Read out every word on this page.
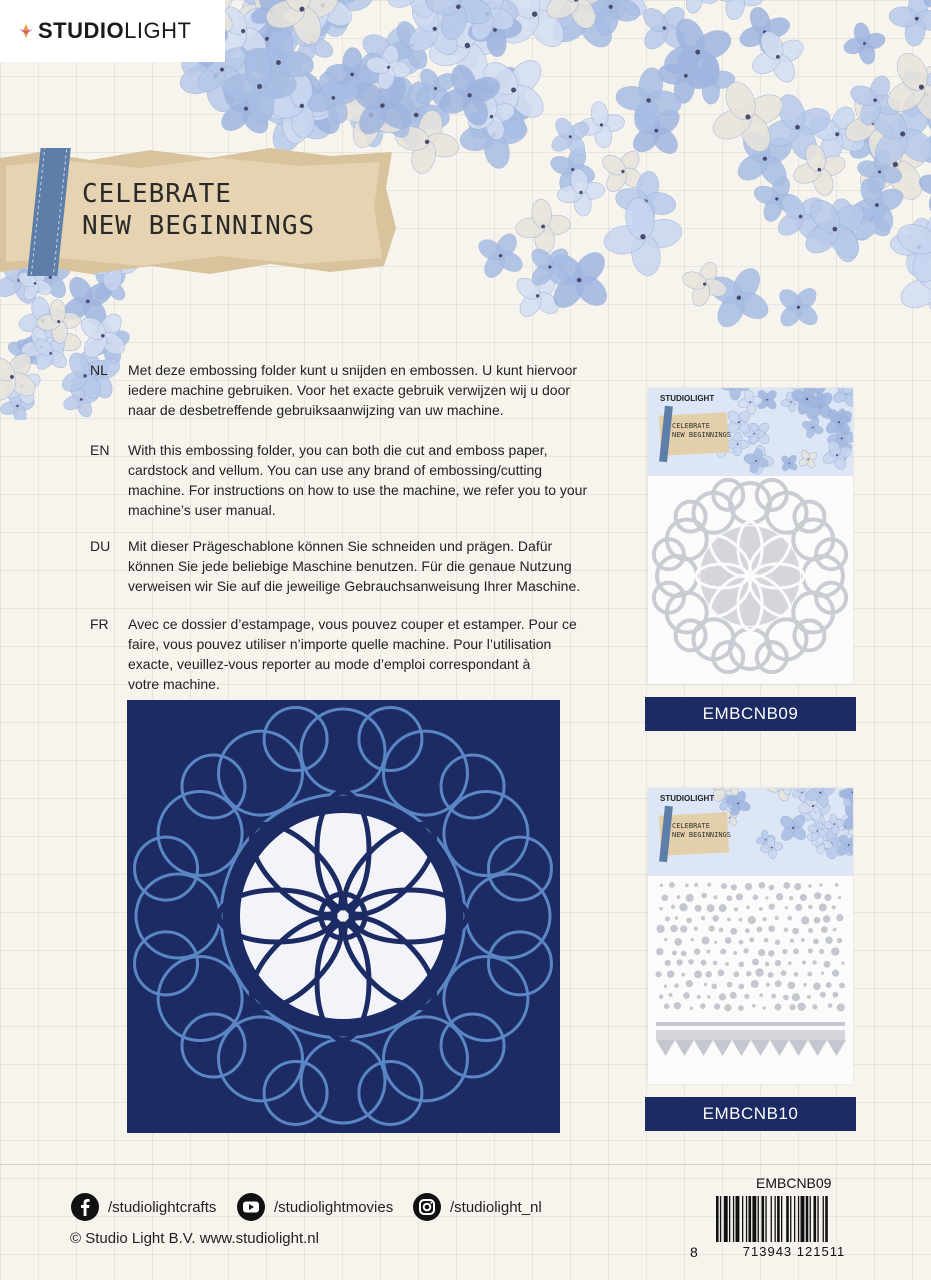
STUDIOLIGHT
CELEBRATE
NEW BEGINNINGS
NL	Met deze embossing folder kunt u snijden en embossen. U kunt hiervoor
iedere machine gebruiken. Voor het exacte gebruik verwijzen wij u door
naar de desbetreffende gebruiksaanwijzing van uw machine.
EN	With this embossing folder, you can both die cut and emboss paper,
cardstock and vellum. You can use any brand of embossing/cutting
machine. For instructions on how to use the machine, we refer you to your
machine’s user manual.
DU	Mit dieser Prägeschablone können Sie schneiden und prägen. Dafür
können Sie jede beliebige Maschine benutzen. Für die genaue Nutzung
verweisen wir Sie auf die jeweilige Gebrauchsanweisung Ihrer Maschine.
FR	Avec ce dossier d’estampage, vous pouvez couper et estamper. Pour ce
faire, vous pouvez utiliser n’importe quelle machine. Pour l’utilisation
exacte, veuillez-vous reporter au mode d’emploi correspondant à
votre machine.
STUDIOLIGHT
CELEBRATE
NEW BEGINNINGS
EMBCNB09
STUDIOLIGHT
CELEBRATE
NEW BEGINNINGS
EMBCNB10
/studiolightcrafts	/studiolightmovies	/studiolight_nl
© Studio Light B.V. www.studiolight.nl
EMBCNB09
8	713943 121511
